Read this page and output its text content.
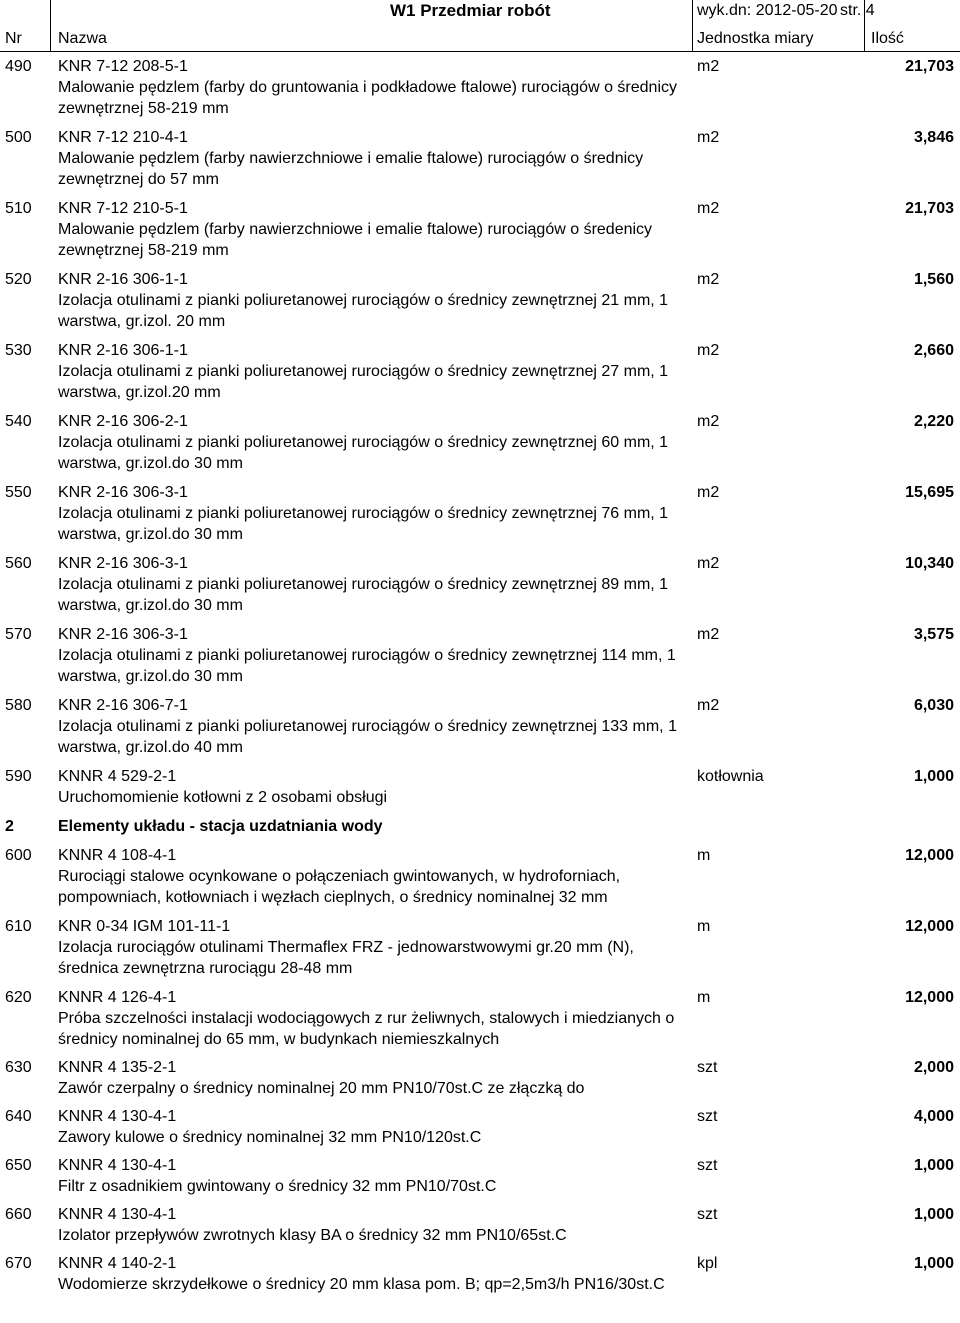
W1 Przedmiar robót	wyk.dn: 2012-05-20 str. 4
Nr Nazwa	Jednostka miary	Ilość
490 KNR 7-12 208-5-1
Malowanie pędzlem (farby do gruntowania i podkładowe ftalowe) rurociągów o średnicy zewnętrznej 58-219 mm
m2	21,703
500 KNR 7-12 210-4-1
Malowanie pędzlem (farby nawierzchniowe i emalie ftalowe) rurociągów o średnicy zewnętrznej do 57 mm
m2	3,846
510 KNR 7-12 210-5-1
Malowanie pędzlem (farby nawierzchniowe i emalie ftalowe) rurociągów o średenicy zewnętrznej 58-219 mm
m2	21,703
520 KNR 2-16 306-1-1
Izolacja otulinami z pianki poliuretanowej rurociągów o średnicy zewnętrznej 21 mm, 1 warstwa, gr.izol. 20 mm
m2	1,560
530 KNR 2-16 306-1-1
Izolacja otulinami z pianki poliuretanowej rurociągów o średnicy zewnętrznej 27 mm, 1 warstwa, gr.izol.20 mm
m2	2,660
540 KNR 2-16 306-2-1
Izolacja otulinami z pianki poliuretanowej rurociągów o średnicy zewnętrznej 60 mm, 1 warstwa, gr.izol.do 30 mm
m2	2,220
550 KNR 2-16 306-3-1
Izolacja otulinami z pianki poliuretanowej rurociągów o średnicy zewnętrznej 76 mm, 1 warstwa, gr.izol.do 30 mm
m2	15,695
560 KNR 2-16 306-3-1
Izolacja otulinami z pianki poliuretanowej rurociągów o średnicy zewnętrznej 89 mm, 1 warstwa, gr.izol.do 30 mm
m2	10,340
570 KNR 2-16 306-3-1
Izolacja otulinami z pianki poliuretanowej rurociągów o średnicy zewnętrznej 114 mm, 1 warstwa, gr.izol.do 30 mm
m2	3,575
580 KNR 2-16 306-7-1
Izolacja otulinami z pianki poliuretanowej rurociągów o średnicy zewnętrznej 133 mm, 1 warstwa, gr.izol.do 40 mm
m2	6,030
590 KNNR 4 529-2-1
Uruchomomienie kotłowni z 2 osobami obsługi
kotłownia	1,000
2	Elementy układu - stacja uzdatniania wody
600 KNNR 4 108-4-1
Rurociągi stalowe ocynkowane o połączeniach gwintowanych, w hydroforniach, pompowniach, kotłowniach i węzłach cieplnych, o średnicy nominalnej 32 mm
m	12,000
610 KNR 0-34 IGM 101-11-1
Izolacja rurociągów otulinami Thermaflex FRZ - jednowarstwowymi gr.20 mm (N), średnica zewnętrzna rurociągu 28-48 mm
m	12,000
620 KNNR 4 126-4-1
Próba szczelności instalacji wodociągowych z rur żeliwnych, stalowych i miedzianych o średnicy nominalnej do 65 mm, w budynkach niemieszkalnych
m	12,000
630 KNNR 4 135-2-1
Zawór czerpalny o średnicy nominalnej 20 mm PN10/70st.C ze złączką do
szt	2,000
640 KNNR 4 130-4-1
Zawory kulowe o średnicy nominalnej 32 mm PN10/120st.C
szt	4,000
650 KNNR 4 130-4-1
Filtr z osadnikiem gwintowany o średnicy 32 mm PN10/70st.C
szt	1,000
660 KNNR 4 130-4-1
Izolator przepływów zwrotnych klasy BA o średnicy 32 mm PN10/65st.C
szt	1,000
670 KNNR 4 140-2-1
Wodomierze skrzydełkowe o średnicy 20 mm klasa pom. B; qp=2,5m3/h PN16/30st.C
kpl	1,000
